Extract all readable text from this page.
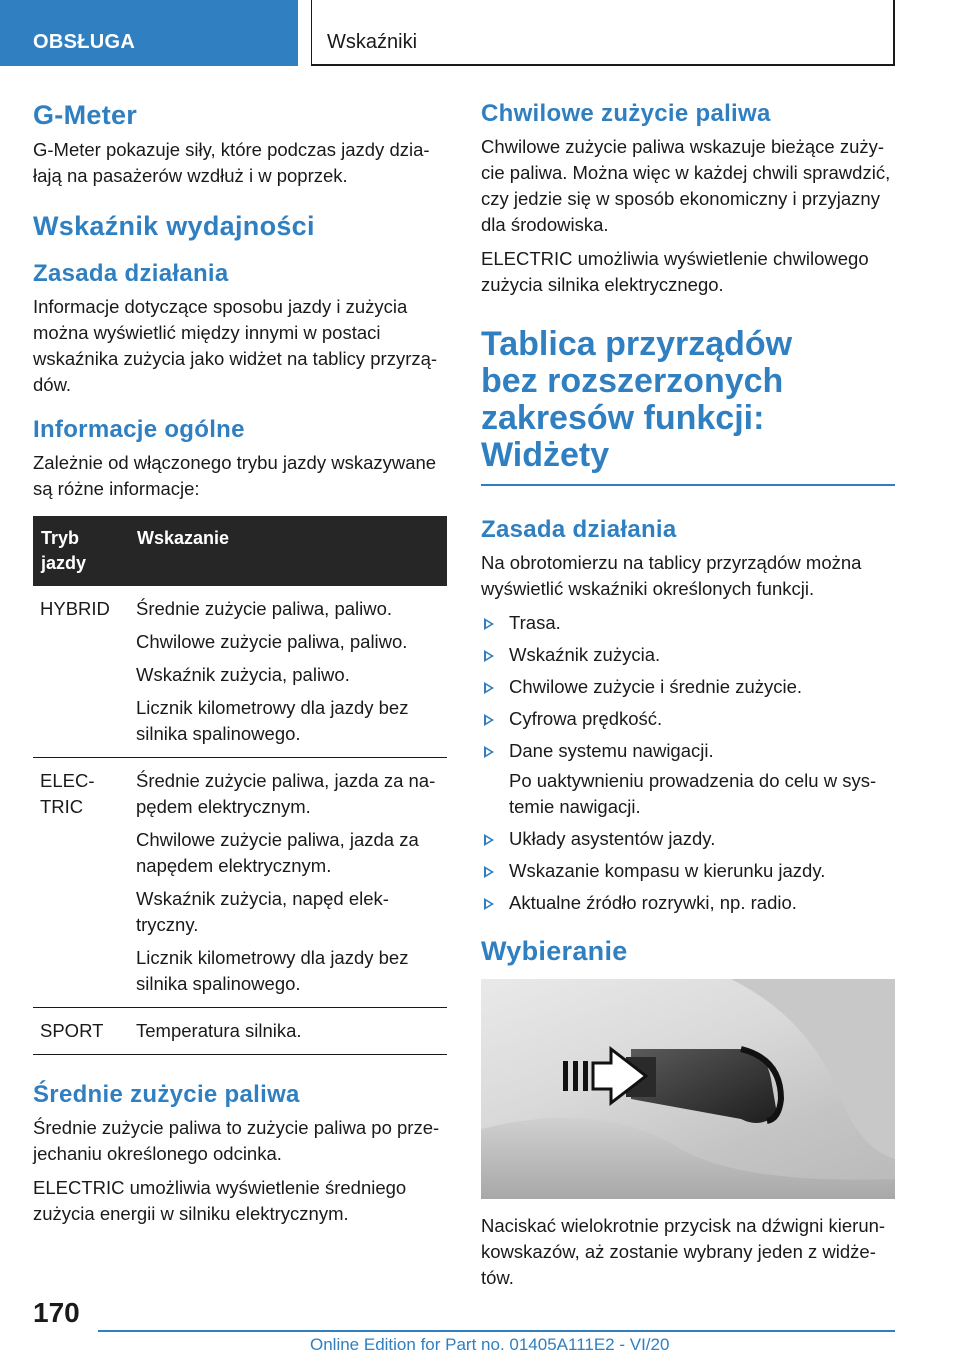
OBSŁUGA	Wskaźniki
G-Meter

G-Meter pokazuje siły, które podczas jazdy dzia-łają na pasażerów wzdłuż i w poprzek.

Wskaźnik wydajności
Zasada działania

Informacje dotyczące sposobu jazdy i zużycia można wyświetlić między innymi w postaci wskaźnika zużycia jako widżet na tablicy przyrzą-dów.

Informacje ogólne

Zależnie od włączonego trybu jazdy wskazywane są różne informacje:

Tryb jazdy	Wskazanie
HYBRID	Średnie zużycie paliwa, paliwo.
Chwilowe zużycie paliwa, paliwo.
Wskaźnik zużycia, paliwo.
Licznik kilometrowy dla jazdy bez silnika spalinowego.

ELEC-TRIC	Średnie zużycie paliwa, jazda za na-pędem elektrycznym.
Chwilowe zużycie paliwa, jazda za napędem elektrycznym.
Wskaźnik zużycia, napęd elek-tryczny.
Licznik kilometrowy dla jazdy bez silnika spalinowego.

SPORT	Temperatura silnika.
Średnie zużycie paliwa

Średnie zużycie paliwa to zużycie paliwa po prze-jechaniu określonego odcinka.

ELECTRIC umożliwia wyświetlenie średniego zużycia energii w silniku elektrycznym.

Chwilowe zużycie paliwa

Chwilowe zużycie paliwa wskazuje bieżące zuży-cie paliwa. Można więc w każdej chwili sprawdzić, czy jedzie się w sposób ekonomiczny i przyjazny dla środowiska.

ELECTRIC umożliwia wyświetlenie chwilowego zużycia silnika elektrycznego.

Tablica przyrządów
bez rozszerzonych
zakresów funkcji: Widżety
Zasada działania

Na obrotomierzu na tablicy przyrządów można wyświetlić wskaźniki określonych funkcji.

Trasa.
Wskaźnik zużycia.
Chwilowe zużycie i średnie zużycie.
Cyfrowa prędkość.
Dane systemu nawigacji.
Po uaktywnieniu prowadzenia do celu w sys-temie nawigacji.
Układy asystentów jazdy.
Wskazanie kompasu w kierunku jazdy.
Aktualne źródło rozrywki, np. radio.
Wybieranie

Naciskać wielokrotnie przycisk na dźwigni kierun-kowskazów, aż zostanie wybrany jeden z widże-tów.

170
Online Edition for Part no. 01405A111E2 - VI/20
